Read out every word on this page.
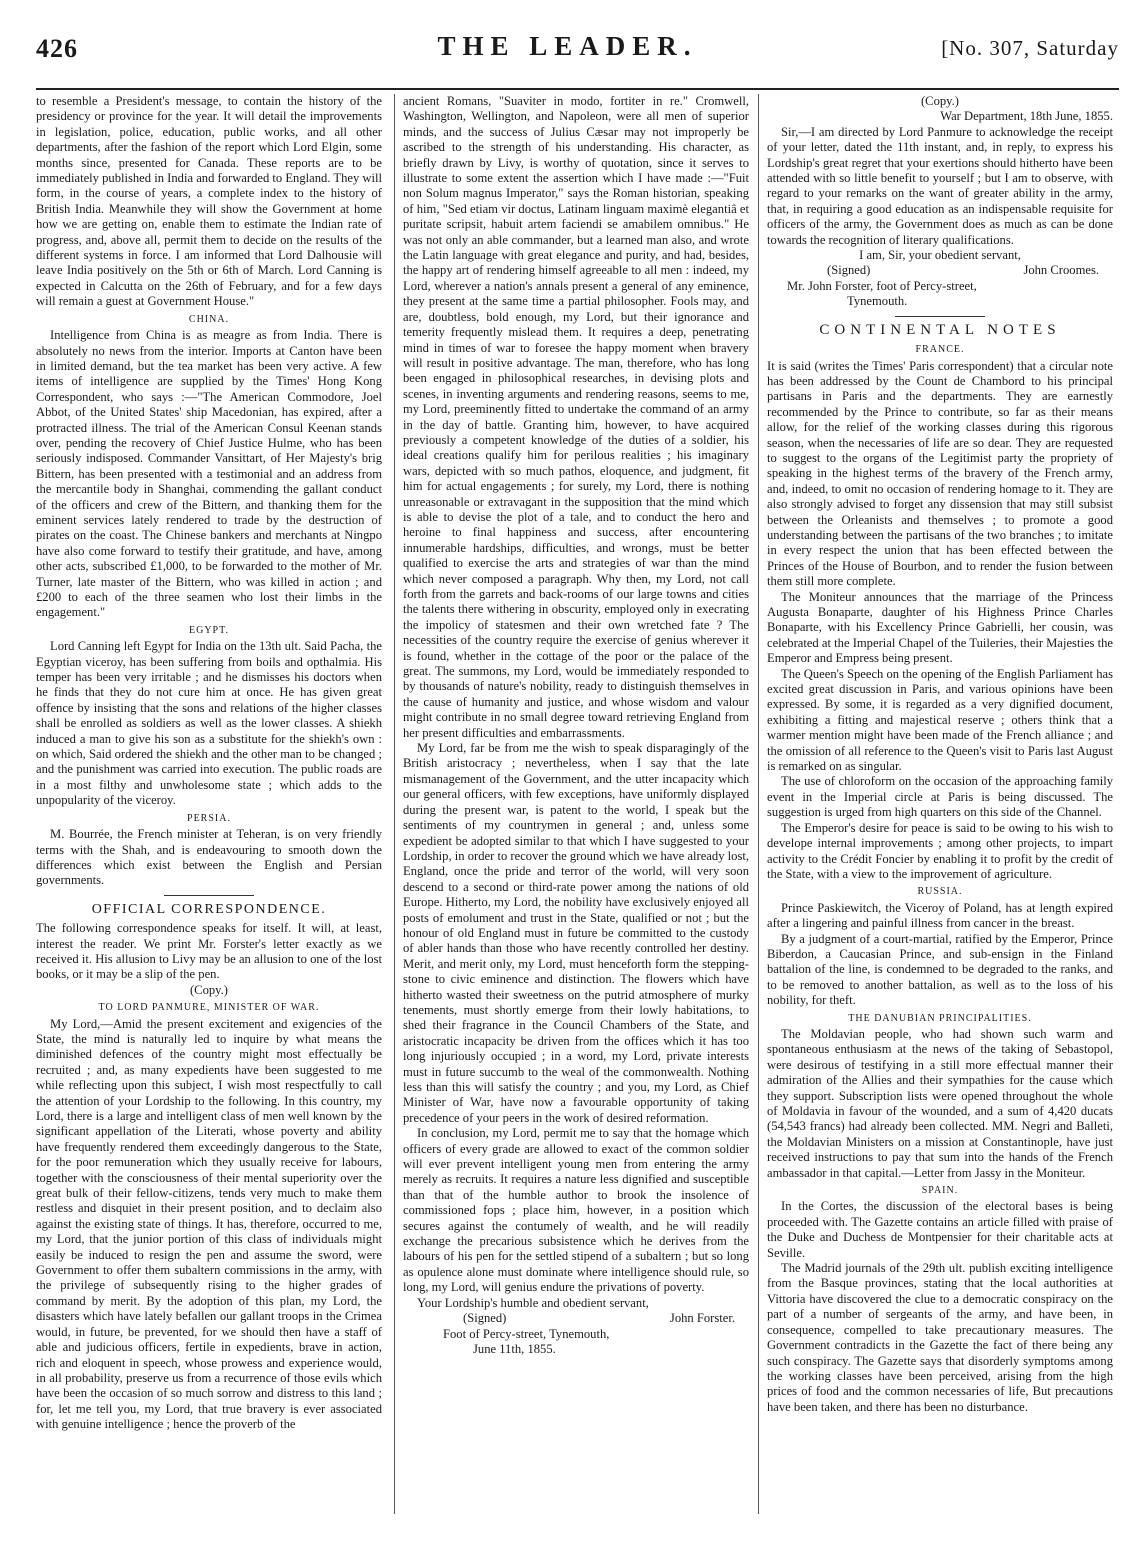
426	THE LEADER.	[No. 307, Saturday

to resemble a President's message, to contain the history of the presidency or province for the year. It will detail the improvements in legislation, police, education, public works, and all other departments, after the fashion of the report which Lord Elgin, some months since, presented for Canada. These reports are to be immediately published in India and forwarded to England. They will form, in the course of years, a complete index to the history of British India. Meanwhile they will show the Government at home how we are getting on, enable them to estimate the Indian rate of progress, and, above all, permit them to decide on the results of the different systems in force. I am informed that Lord Dalhousie will leave India positively on the 5th or 6th of March. Lord Canning is expected in Calcutta on the 26th of February, and for a few days will remain a guest at Government House."

CHINA.

Intelligence from China is as meagre as from India. There is absolutely no news from the interior. Imports at Canton have been in limited demand, but the tea market has been very active. A few items of intelligence are supplied by the Times' Hong Kong Correspondent, who says :—"The American Commodore, Joel Abbot, of the United States' ship Macedonian, has expired, after a protracted illness. The trial of the American Consul Keenan stands over, pending the recovery of Chief Justice Hulme, who has been seriously indisposed. Commander Vansittart, of Her Majesty's brig Bittern, has been presented with a testimonial and an address from the mercantile body in Shanghai, commending the gallant conduct of the officers and crew of the Bittern, and thanking them for the eminent services lately rendered to trade by the destruction of pirates on the coast. The Chinese bankers and merchants at Ningpo have also come forward to testify their gratitude, and have, among other acts, subscribed £1,000, to be forwarded to the mother of Mr. Turner, late master of the Bittern, who was killed in action ; and £200 to each of the three seamen who lost their limbs in the engagement."

EGYPT.

Lord Canning left Egypt for India on the 13th ult. Said Pacha, the Egyptian viceroy, has been suffering from boils and opthalmia. His temper has been very irritable ; and he dismisses his doctors when he finds that they do not cure him at once. He has given great offence by insisting that the sons and relations of the higher classes shall be enrolled as soldiers as well as the lower classes. A shiekh induced a man to give his son as a substitute for the shiekh's own : on which, Said ordered the shiekh and the other man to be changed ; and the punishment was carried into execution. The public roads are in a most filthy and unwholesome state ; which adds to the unpopularity of the viceroy.

PERSIA.

M. Bourrée, the French minister at Teheran, is on very friendly terms with the Shah, and is endeavouring to smooth down the differences which exist between the English and Persian governments.

OFFICIAL CORRESPONDENCE.

The following correspondence speaks for itself. It will, at least, interest the reader. We print Mr. Forster's letter exactly as we received it. His allusion to Livy may be an allusion to one of the lost books, or it may be a slip of the pen.

(Copy.)
TO LORD PANMURE, MINISTER OF WAR.

My Lord,—Amid the present excitement and exigencies of the State, the mind is naturally led to inquire by what means the diminished defences of the country might most effectually be recruited ; and, as many expedients have been suggested to me while reflecting upon this subject, I wish most respectfully to call the attention of your Lordship to the following. In this country, my Lord, there is a large and intelligent class of men well known by the significant appellation of the Literati, whose poverty and ability have frequently rendered them exceedingly dangerous to the State, for the poor remuneration which they usually receive for labours, together with the consciousness of their mental superiority over the great bulk of their fellow-citizens, tends very much to make them restless and disquiet in their present position, and to declaim also against the existing state of things. It has, therefore, occurred to me, my Lord, that the junior portion of this class of individuals might easily be induced to resign the pen and assume the sword, were Government to offer them subaltern commissions in the army, with the privilege of subsequently rising to the higher grades of command by merit. By the adoption of this plan, my Lord, the disasters which have lately befallen our gallant troops in the Crimea would, in future, be prevented, for we should then have a staff of able and judicious officers, fertile in expedients, brave in action, rich and eloquent in speech, whose prowess and experience would, in all probability, preserve us from a recurrence of those evils which have been the occasion of so much sorrow and distress to this land ; for, let me tell you, my Lord, that true bravery is ever associated with genuine intelligence ; hence the proverb of the

ancient Romans, "Suaviter in modo, fortiter in re." Cromwell, Washington, Wellington, and Napoleon, were all men of superior minds, and the success of Julius Cæsar may not improperly be ascribed to the strength of his understanding. His character, as briefly drawn by Livy, is worthy of quotation, since it serves to illustrate to some extent the assertion which I have made :—"Fuit non Solum magnus Imperator," says the Roman historian, speaking of him, "Sed etiam vir doctus, Latinam linguam maximè elegantiâ et puritate scripsit, habuit artem faciendi se amabilem omnibus." He was not only an able commander, but a learned man also, and wrote the Latin language with great elegance and purity, and had, besides, the happy art of rendering himself agreeable to all men : indeed, my Lord, wherever a nation's annals present a general of any eminence, they present at the same time a partial philosopher. Fools may, and are, doubtless, bold enough, my Lord, but their ignorance and temerity frequently mislead them. It requires a deep, penetrating mind in times of war to foresee the happy moment when bravery will result in positive advantage. The man, therefore, who has long been engaged in philosophical researches, in devising plots and scenes, in inventing arguments and rendering reasons, seems to me, my Lord, preeminently fitted to undertake the command of an army in the day of battle. Granting him, however, to have acquired previously a competent knowledge of the duties of a soldier, his ideal creations qualify him for perilous realities ; his imaginary wars, depicted with so much pathos, eloquence, and judgment, fit him for actual engagements ; for surely, my Lord, there is nothing unreasonable or extravagant in the supposition that the mind which is able to devise the plot of a tale, and to conduct the hero and heroine to final happiness and success, after encountering innumerable hardships, difficulties, and wrongs, must be better qualified to exercise the arts and strategies of war than the mind which never composed a paragraph. Why then, my Lord, not call forth from the garrets and back-rooms of our large towns and cities the talents there withering in obscurity, employed only in execrating the impolicy of statesmen and their own wretched fate ? The necessities of the country require the exercise of genius wherever it is found, whether in the cottage of the poor or the palace of the great. The summons, my Lord, would be immediately responded to by thousands of nature's nobility, ready to distinguish themselves in the cause of humanity and justice, and whose wisdom and valour might contribute in no small degree toward retrieving England from her present difficulties and embarrassments.

My Lord, far be from me the wish to speak disparagingly of the British aristocracy ; nevertheless, when I say that the late mismanagement of the Government, and the utter incapacity which our general officers, with few exceptions, have uniformly displayed during the present war, is patent to the world, I speak but the sentiments of my countrymen in general ; and, unless some expedient be adopted similar to that which I have suggested to your Lordship, in order to recover the ground which we have already lost, England, once the pride and terror of the world, will very soon descend to a second or third-rate power among the nations of old Europe. Hitherto, my Lord, the nobility have exclusively enjoyed all posts of emolument and trust in the State, qualified or not ; but the honour of old England must in future be committed to the custody of abler hands than those who have recently controlled her destiny. Merit, and merit only, my Lord, must henceforth form the stepping-stone to civic eminence and distinction. The flowers which have hitherto wasted their sweetness on the putrid atmosphere of murky tenements, must shortly emerge from their lowly habitations, to shed their fragrance in the Council Chambers of the State, and aristocratic incapacity be driven from the offices which it has too long injuriously occupied ; in a word, my Lord, private interests must in future succumb to the weal of the commonwealth. Nothing less than this will satisfy the country ; and you, my Lord, as Chief Minister of War, have now a favourable opportunity of taking precedence of your peers in the work of desired reformation.

In conclusion, my Lord, permit me to say that the homage which officers of every grade are allowed to exact of the common soldier will ever prevent intelligent young men from entering the army merely as recruits. It requires a nature less dignified and susceptible than that of the humble author to brook the insolence of commissioned fops ; place him, however, in a position which secures against the contumely of wealth, and he will readily exchange the precarious subsistence which he derives from the labours of his pen for the settled stipend of a subaltern ; but so long as opulence alone must dominate where intelligence should rule, so long, my Lord, will genius endure the privations of poverty.

Your Lordship's humble and obedient servant,

(Signed)	John Forster.
Foot of Percy-street, Tynemouth,
June 11th, 1855.
(Copy.)
War Department, 18th June, 1855.

Sir,—I am directed by Lord Panmure to acknowledge the receipt of your letter, dated the 11th instant, and, in reply, to express his Lordship's great regret that your exertions should hitherto have been attended with so little benefit to yourself ; but I am to observe, with regard to your remarks on the want of greater ability in the army, that, in requiring a good education as an indispensable requisite for officers of the army, the Government does as much as can be done towards the recognition of literary qualifications.

I am, Sir, your obedient servant,
(Signed)	John Croomes.
Mr. John Forster, foot of Percy-street,
Tynemouth.
CONTINENTAL NOTES
FRANCE.

It is said (writes the Times' Paris correspondent) that a circular note has been addressed by the Count de Chambord to his principal partisans in Paris and the departments. They are earnestly recommended by the Prince to contribute, so far as their means allow, for the relief of the working classes during this rigorous season, when the necessaries of life are so dear. They are requested to suggest to the organs of the Legitimist party the propriety of speaking in the highest terms of the bravery of the French army, and, indeed, to omit no occasion of rendering homage to it. They are also strongly advised to forget any dissension that may still subsist between the Orleanists and themselves ; to promote a good understanding between the partisans of the two branches ; to imitate in every respect the union that has been effected between the Princes of the House of Bourbon, and to render the fusion between them still more complete.

The Moniteur announces that the marriage of the Princess Augusta Bonaparte, daughter of his Highness Prince Charles Bonaparte, with his Excellency Prince Gabrielli, her cousin, was celebrated at the Imperial Chapel of the Tuileries, their Majesties the Emperor and Empress being present.

The Queen's Speech on the opening of the English Parliament has excited great discussion in Paris, and various opinions have been expressed. By some, it is regarded as a very dignified document, exhibiting a fitting and majestical reserve ; others think that a warmer mention might have been made of the French alliance ; and the omission of all reference to the Queen's visit to Paris last August is remarked on as singular.

The use of chloroform on the occasion of the approaching family event in the Imperial circle at Paris is being discussed. The suggestion is urged from high quarters on this side of the Channel.

The Emperor's desire for peace is said to be owing to his wish to develope internal improvements ; among other projects, to impart activity to the Crédit Foncier by enabling it to profit by the credit of the State, with a view to the improvement of agriculture.

RUSSIA.

Prince Paskiewitch, the Viceroy of Poland, has at length expired after a lingering and painful illness from cancer in the breast.

By a judgment of a court-martial, ratified by the Emperor, Prince Biberdon, a Caucasian Prince, and sub-ensign in the Finland battalion of the line, is condemned to be degraded to the ranks, and to be removed to another battalion, as well as to the loss of his nobility, for theft.

THE DANUBIAN PRINCIPALITIES.

The Moldavian people, who had shown such warm and spontaneous enthusiasm at the news of the taking of Sebastopol, were desirous of testifying in a still more effectual manner their admiration of the Allies and their sympathies for the cause which they support. Subscription lists were opened throughout the whole of Moldavia in favour of the wounded, and a sum of 4,420 ducats (54,543 francs) had already been collected. MM. Negri and Balleti, the Moldavian Ministers on a mission at Constantinople, have just received instructions to pay that sum into the hands of the French ambassador in that capital.—Letter from Jassy in the Moniteur.

SPAIN.

In the Cortes, the discussion of the electoral bases is being proceeded with. The Gazette contains an article filled with praise of the Duke and Duchess de Montpensier for their charitable acts at Seville.

The Madrid journals of the 29th ult. publish exciting intelligence from the Basque provinces, stating that the local authorities at Vittoria have discovered the clue to a democratic conspiracy on the part of a number of sergeants of the army, and have been, in consequence, compelled to take precautionary measures. The Government contradicts in the Gazette the fact of there being any such conspiracy. The Gazette says that disorderly symptoms among the working classes have been perceived, arising from the high prices of food and the common necessaries of life, But precautions have been taken, and there has been no disturbance.
